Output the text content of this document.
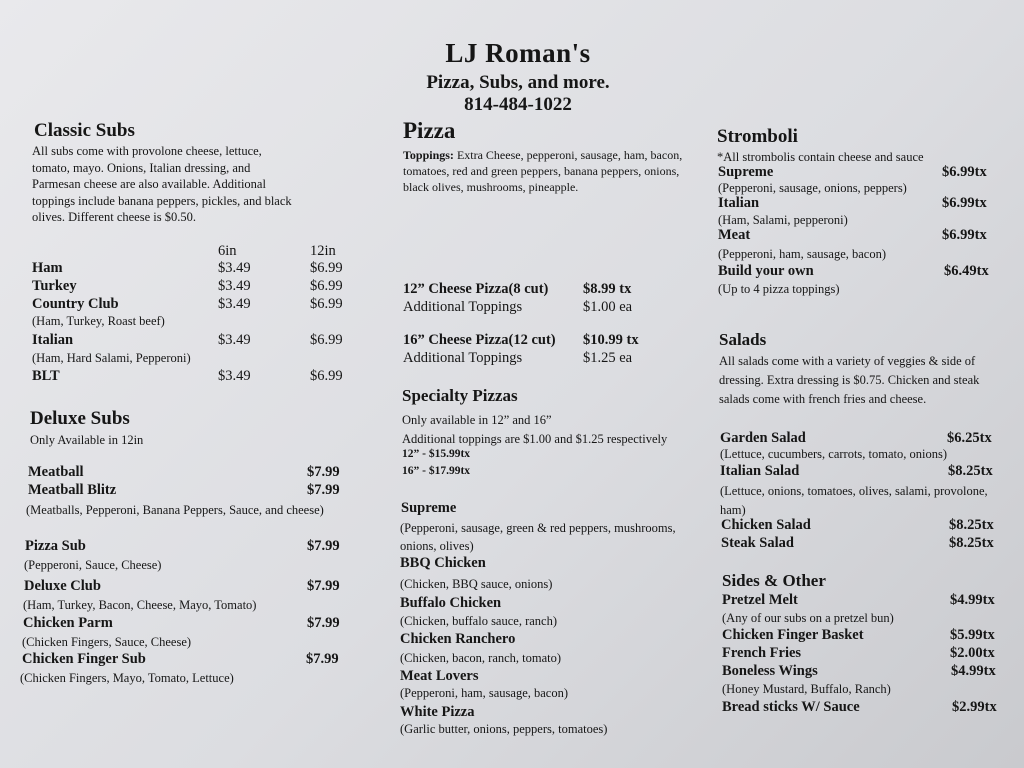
LJ Roman's
Pizza, Subs, and more.
814-484-1022
Classic Subs
All subs come with provolone cheese, lettuce, tomato, mayo. Onions, Italian dressing, and Parmesan cheese are also available. Additional toppings include banana peppers, pickles, and black olives. Different cheese is $0.50.
6in	12in
Ham	$3.49	$6.99
Turkey	$3.49	$6.99
Country Club	$3.49	$6.99
(Ham, Turkey, Roast beef)
Italian	$3.49	$6.99
(Ham, Hard Salami, Pepperoni)
BLT	$3.49	$6.99
Deluxe Subs
Only Available in 12in
Meatball	$7.99
Meatball Blitz	$7.99
(Meatballs, Pepperoni, Banana Peppers, Sauce, and cheese)
Pizza Sub	$7.99
(Pepperoni, Sauce, Cheese)
Deluxe Club	$7.99
(Ham, Turkey, Bacon, Cheese, Mayo, Tomato)
Chicken Parm	$7.99
(Chicken Fingers, Sauce, Cheese)
Chicken Finger Sub	$7.99
(Chicken Fingers, Mayo, Tomato, Lettuce)
Pizza
Toppings: Extra Cheese, pepperoni, sausage, ham, bacon, tomatoes, red and green peppers, banana peppers, onions, black olives, mushrooms, pineapple.
12” Cheese Pizza(8 cut) $8.99 tx
Additional Toppings	$1.00 ea
16” Cheese Pizza(12 cut) $10.99 tx
Additional Toppings	$1.25 ea
Specialty Pizzas
Only available in 12” and 16”
Additional toppings are $1.00 and $1.25 respectively
12” - $15.99tx
16” - $17.99tx
Supreme
(Pepperoni, sausage, green & red peppers, mushrooms, onions, olives)
BBQ Chicken
(Chicken, BBQ sauce, onions)
Buffalo Chicken
(Chicken, buffalo sauce, ranch)
Chicken Ranchero
(Chicken, bacon, ranch, tomato)
Meat Lovers
(Pepperoni, ham, sausage, bacon)
White Pizza
(Garlic butter, onions, peppers, tomatoes)
Stromboli
*All strombolis contain cheese and sauce
Supreme	$6.99tx
(Pepperoni, sausage, onions, peppers)
Italian	$6.99tx
(Ham, Salami, pepperoni)
Meat	$6.99tx
(Pepperoni, ham, sausage, bacon)
Build your own	$6.49tx
(Up to 4 pizza toppings)
Salads
All salads come with a variety of veggies & side of dressing. Extra dressing is $0.75. Chicken and steak salads come with french fries and cheese.
Garden Salad	$6.25tx
(Lettuce, cucumbers, carrots, tomato, onions)
Italian Salad	$8.25tx
(Lettuce, onions, tomatoes, olives, salami, provolone, ham)
Chicken Salad	$8.25tx
Steak Salad	$8.25tx
Sides & Other
Pretzel Melt	$4.99tx
(Any of our subs on a pretzel bun)
Chicken Finger Basket	$5.99tx
French Fries	$2.00tx
Boneless Wings	$4.99tx
(Honey Mustard, Buffalo, Ranch)
Bread sticks W/ Sauce	$2.99tx
